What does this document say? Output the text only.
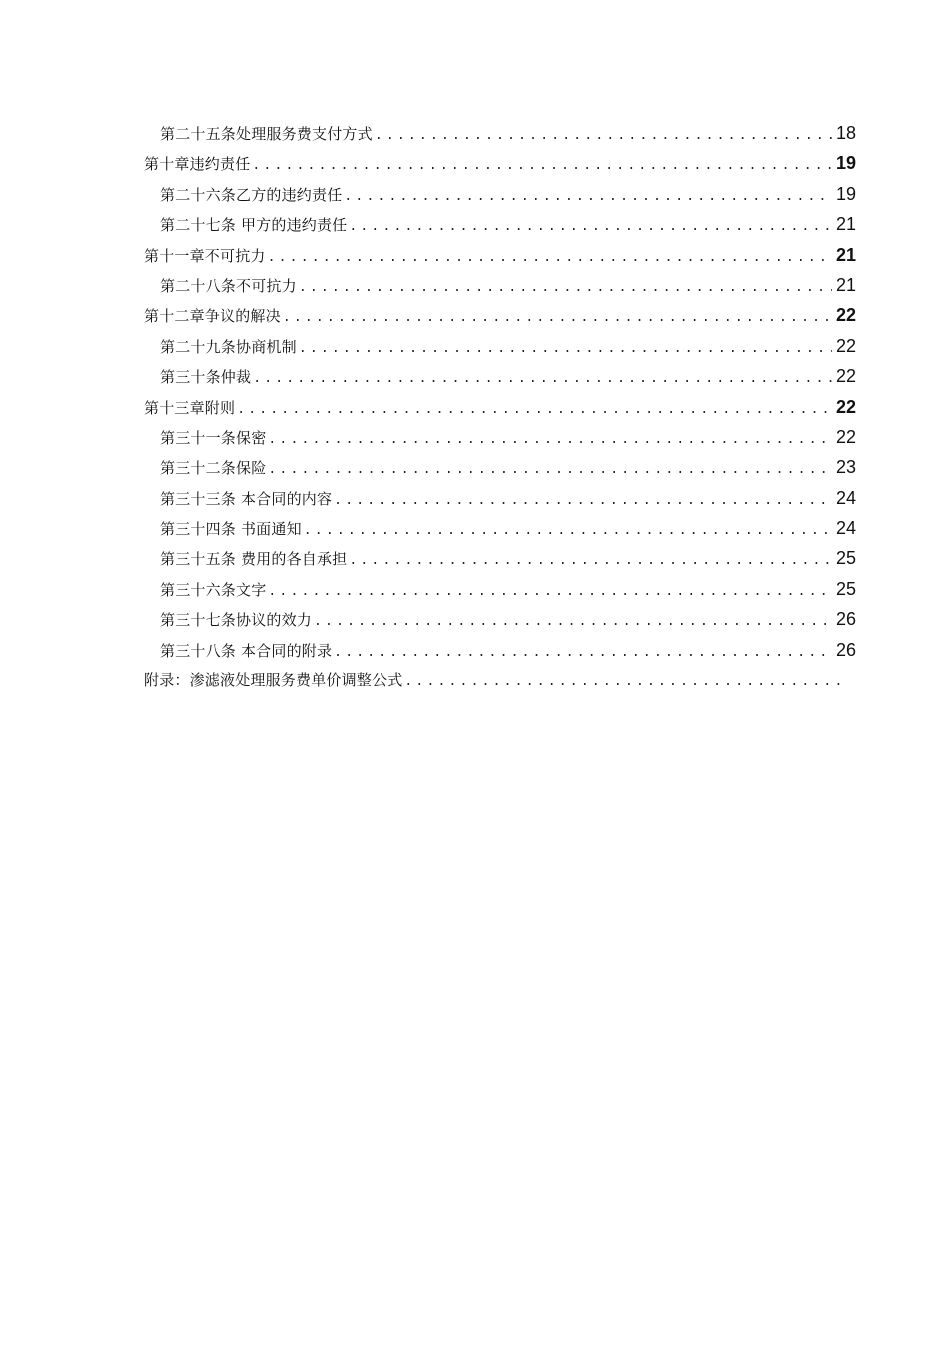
第二十五条处理服务费支付方式 .....	18
第十章违约责任 .....	19
第二十六条乙方的违约责任 .....	19
第二十七条 甲方的违约责任 .....	21
第十一章不可抗力 .....	21
第二十八条不可抗力 .....	21
第十二章争议的解决 .....	22
第二十九条协商机制 .....	22
第三十条仲裁 .....	22
第十三章附则 .....	22
第三十一条保密 .....	22
第三十二条保险 .....	23
第三十三条 本合同的内容 .....	24
第三十四条 书面通知 .....	24
第三十五条 费用的各自承担 .....	25
第三十六条文字 .....	25
第三十七条协议的效力 .....	26
第三十八条 本合同的附录 .....	26
附录：渗滤液处理服务费单价调整公式
.....
